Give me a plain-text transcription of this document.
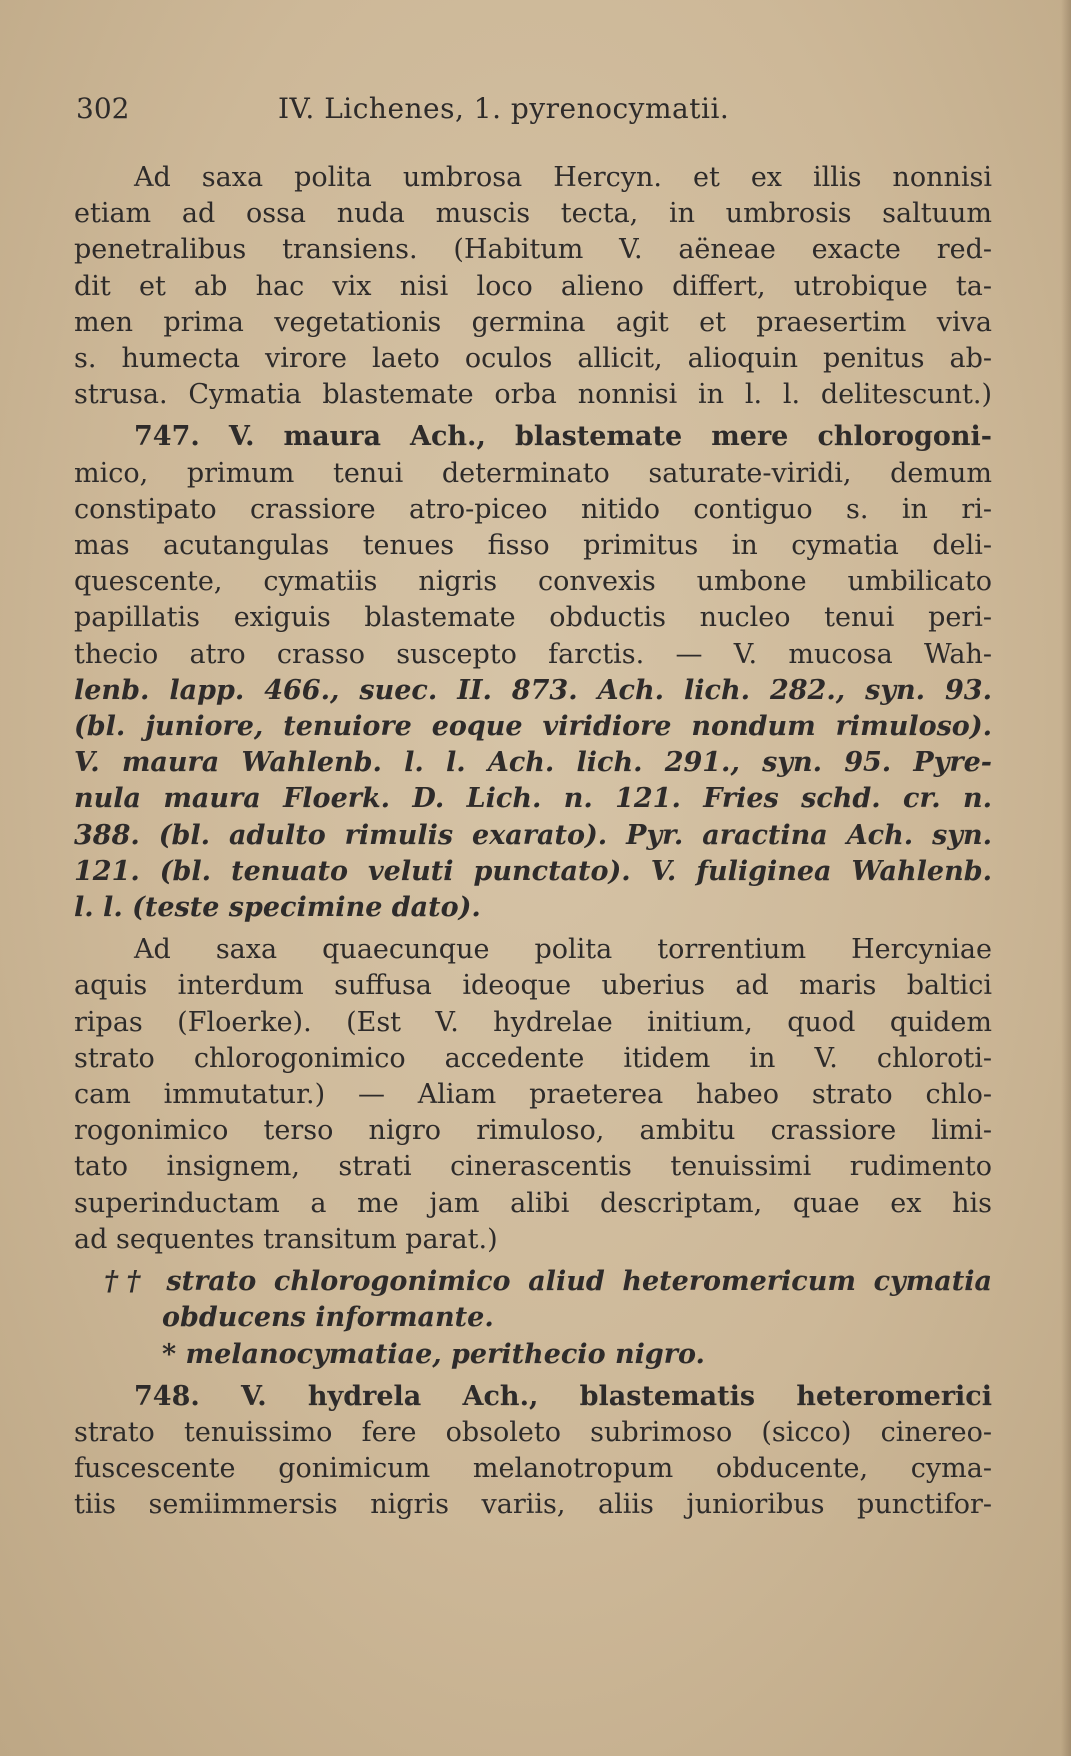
302	IV. Lichenes, 1. pyrenocymatii.
Ad saxa polita umbrosa Hercyn. et ex illis nonnisi
etiam ad ossa nuda muscis tecta, in umbrosis saltuum
penetralibus transiens. (Habitum V. aëneae exacte red-
dit et ab hac vix nisi loco alieno differt, utrobique ta-
men prima vegetationis germina agit et praesertim viva
s. humecta virore laeto oculos allicit, alioquin penitus ab-
strusa. Cymatia blastemate orba nonnisi in l. l. delitescunt.)
747. V. maura Ach., blastemate mere chlorogoni-
mico, primum tenui determinato saturate-viridi, demum
constipato crassiore atro-piceo nitido contiguo s. in ri-
mas acutangulas tenues fisso primitus in cymatia deli-
quescente, cymatiis nigris convexis umbone umbilicato
papillatis exiguis blastemate obductis nucleo tenui peri-
thecio atro crasso suscepto farctis. — V. mucosa Wah-
lenb. lapp. 466., suec. II. 873. Ach. lich. 282., syn. 93.
(bl. juniore, tenuiore eoque viridiore nondum rimuloso).
V. maura Wahlenb. l. l. Ach. lich. 291., syn. 95. Pyre-
nula maura Floerk. D. Lich. n. 121. Fries schd. cr. n.
388. (bl. adulto rimulis exarato). Pyr. aractina Ach. syn.
121. (bl. tenuato veluti punctato). V. fuliginea Wahlenb.
l. l. (teste specimine dato).
Ad saxa quaecunque polita torrentium Hercyniae
aquis interdum suffusa ideoque uberius ad maris baltici
ripas (Floerke). (Est V. hydrelae initium, quod quidem
strato chlorogonimico accedente itidem in V. chloroti-
cam immutatur.) — Aliam praeterea habeo strato chlo-
rogonimico terso nigro rimuloso, ambitu crassiore limi-
tato insignem, strati cinerascentis tenuissimi rudimento
superinductam a me jam alibi descriptam, quae ex his
ad sequentes transitum parat.)
†† strato chlorogonimico aliud heteromericum cymatia
obducens informante.
* melanocymatiae, perithecio nigro.
748. V. hydrela Ach., blastematis heteromerici
strato tenuissimo fere obsoleto subrimoso (sicco) cinereo-
fuscescente gonimicum melanotropum obducente, cyma-
tiis semiimmersis nigris variis, aliis junioribus punctifor-
